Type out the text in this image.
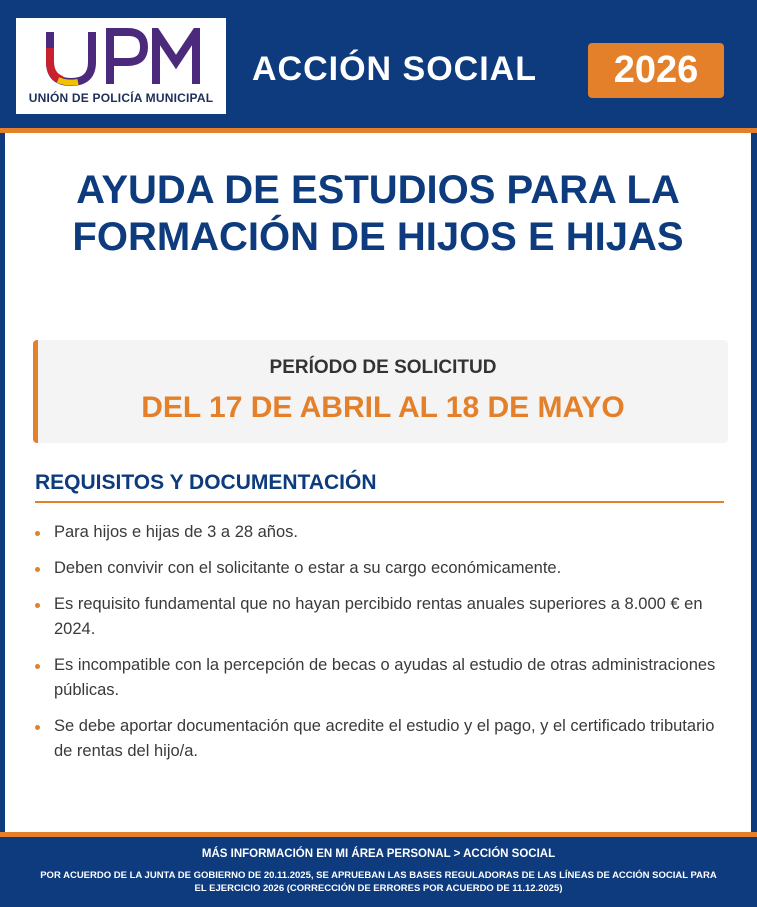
UNIÓN DE POLICÍA MUNICIPAL
ACCIÓN SOCIAL	2026
AYUDA DE ESTUDIOS PARA LA FORMACIÓN DE HIJOS E HIJAS
PERÍODO DE SOLICITUD
DEL 17 DE ABRIL AL 18 DE MAYO
REQUISITOS Y DOCUMENTACIÓN
Para hijos e hijas de 3 a 28 años.
Deben convivir con el solicitante o estar a su cargo económicamente.
Es requisito fundamental que no hayan percibido rentas anuales superiores a 8.000 € en 2024.
Es incompatible con la percepción de becas o ayudas al estudio de otras administraciones públicas.
Se debe aportar documentación que acredite el estudio y el pago, y el certificado tributario de rentas del hijo/a.
MÁS INFORMACIÓN EN MI ÁREA PERSONAL > ACCIÓN SOCIAL
POR ACUERDO DE LA JUNTA DE GOBIERNO DE 20.11.2025, SE APRUEBAN LAS BASES REGULADORAS DE LAS LÍNEAS DE ACCIÓN SOCIAL PARA EL EJERCICIO 2026 (CORRECCIÓN DE ERRORES POR ACUERDO DE 11.12.2025)
